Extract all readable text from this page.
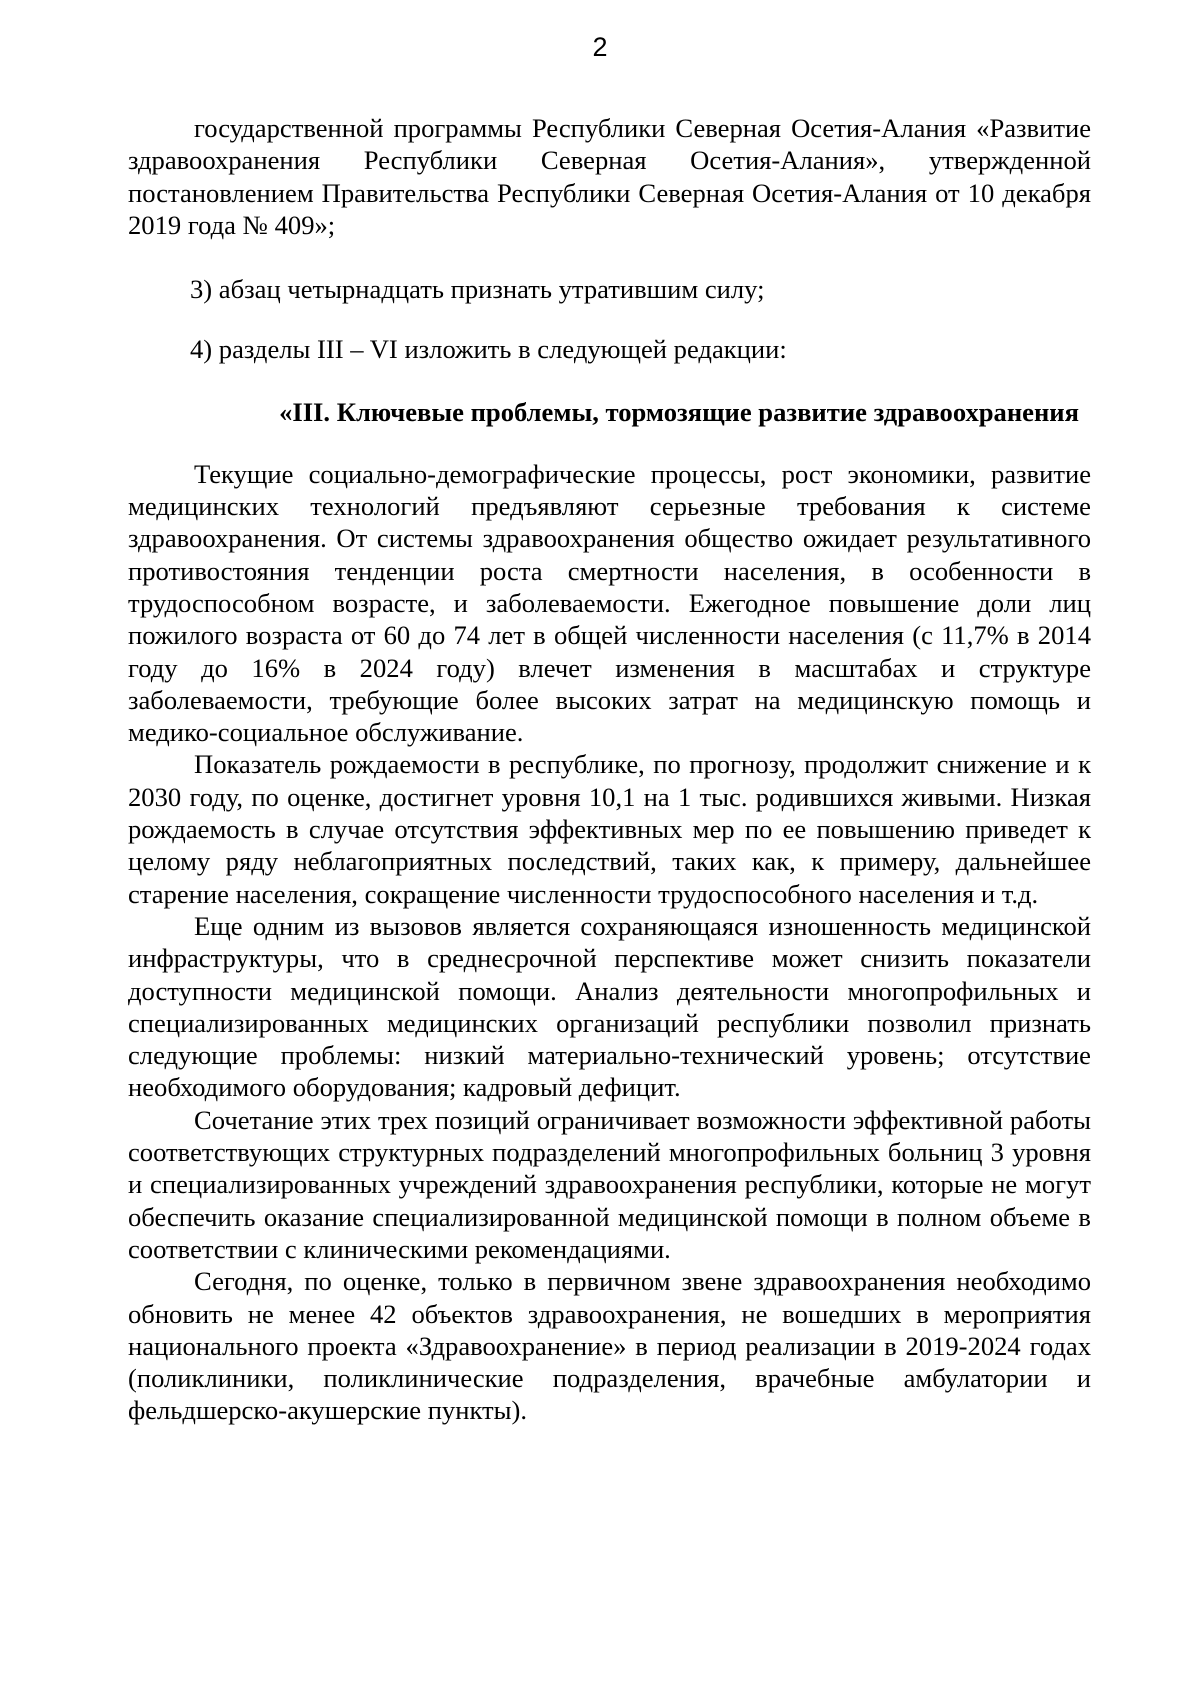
2

государственной программы Республики Северная Осетия-Алания «Развитие здравоохранения Республики Северная Осетия-Алания», утвержденной постановлением Правительства Республики Северная Осетия-Алания от 10 декабря 2019 года № 409»;

3) абзац четырнадцать признать утратившим силу;

4) разделы III – VI изложить в следующей редакции:

«III. Ключевые проблемы, тормозящие развитие здравоохранения

Текущие социально-демографические процессы, рост экономики, развитие медицинских технологий предъявляют серьезные требования к системе здравоохранения. От системы здравоохранения общество ожидает результативного противостояния тенденции роста смертности населения, в особенности в трудоспособном возрасте, и заболеваемости. Ежегодное повышение доли лиц пожилого возраста от 60 до 74 лет в общей численности населения (с 11,7% в 2014 году до 16% в 2024 году) влечет изменения в масштабах и структуре заболеваемости, требующие более высоких затрат на медицинскую помощь и медико-социальное обслуживание.

Показатель рождаемости в республике, по прогнозу, продолжит снижение и к 2030 году, по оценке, достигнет уровня 10,1 на 1 тыс. родившихся живыми. Низкая рождаемость в случае отсутствия эффективных мер по ее повышению приведет к целому ряду неблагоприятных последствий, таких как, к примеру, дальнейшее старение населения, сокращение численности трудоспособного населения и т.д.

Еще одним из вызовов является сохраняющаяся изношенность медицинской инфраструктуры, что в среднесрочной перспективе может снизить показатели доступности медицинской помощи. Анализ деятельности многопрофильных и специализированных медицинских организаций республики позволил признать следующие проблемы: низкий материально-технический уровень; отсутствие необходимого оборудования; кадровый дефицит.

Сочетание этих трех позиций ограничивает возможности эффективной работы соответствующих структурных подразделений многопрофильных больниц 3 уровня и специализированных учреждений здравоохранения республики, которые не могут обеспечить оказание специализированной медицинской помощи в полном объеме в соответствии с клиническими рекомендациями.

Сегодня, по оценке, только в первичном звене здравоохранения необходимо обновить не менее 42 объектов здравоохранения, не вошедших в мероприятия национального проекта «Здравоохранение» в период реализации в 2019-2024 годах (поликлиники, поликлинические подразделения, врачебные амбулатории и фельдшерско-акушерские пункты).
